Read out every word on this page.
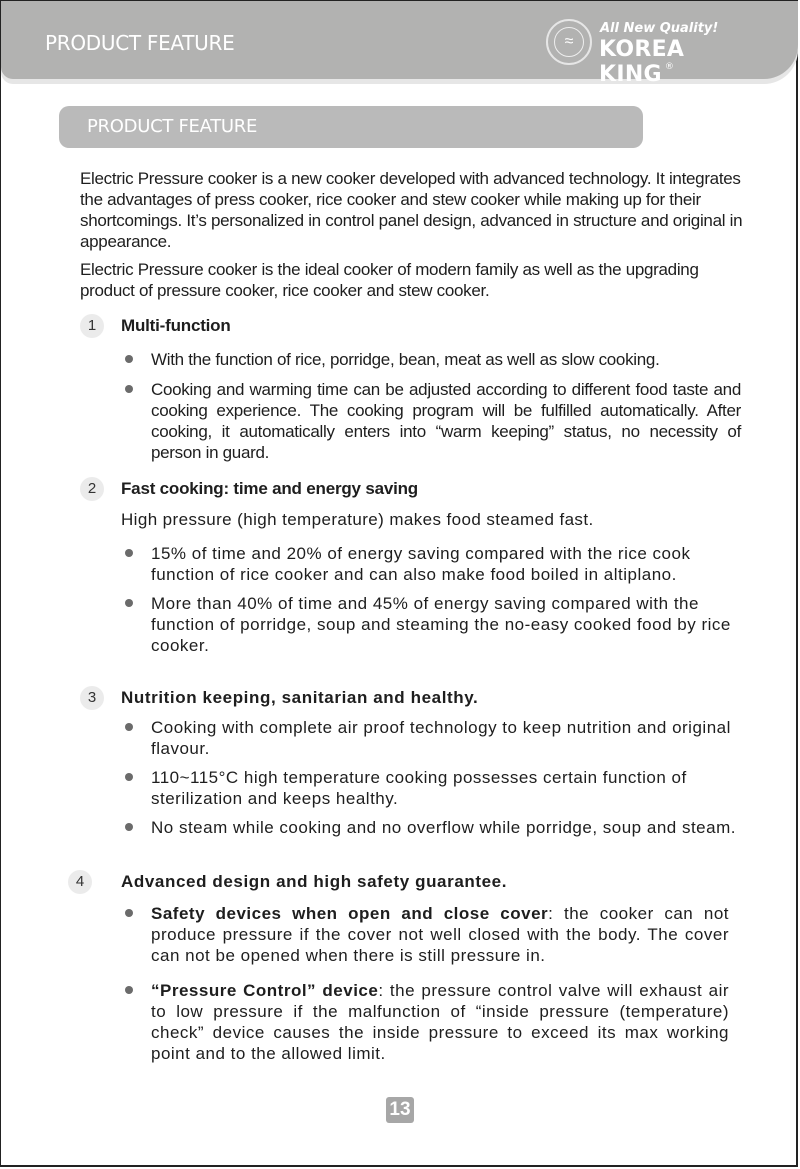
PRODUCT FEATURE	≈
All New Quality!
KOREA KING ®
PRODUCT FEATURE

Electric Pressure cooker is a new cooker developed with advanced technology. It integrates the advantages of press cooker, rice cooker and stew cooker while making up for their shortcomings. It’s personalized in control panel design, advanced in structure and original in appearance.

Electric Pressure cooker is the ideal cooker of modern family as well as the upgrading product of pressure cooker, rice cooker and stew cooker.

1	Multi-function
With the function of rice, porridge, bean, meat as well as slow cooking.
Cooking and warming time can be adjusted according to different food taste and cooking experience. The cooking program will be fulfilled automatically. After cooking, it automatically enters into “warm keeping” status, no necessity of person in guard.
2	Fast cooking: time and energy saving
High pressure (high temperature) makes food steamed fast.
15% of time and 20% of energy saving compared with the rice cook function of rice cooker and can also make food boiled in altiplano.
More than 40% of time and 45% of energy saving compared with the function of porridge, soup and steaming the no-easy cooked food by rice cooker.
3	Nutrition keeping, sanitarian and healthy.
Cooking with complete air proof technology to keep nutrition and original flavour.
110~115°C high temperature cooking possesses certain function of sterilization and keeps healthy.
No steam while cooking and no overflow while porridge, soup and steam.
4	Advanced design and high safety guarantee.
Safety devices when open and close cover: the cooker can not produce pressure if the cover not well closed with the body. The cover can not be opened when there is still pressure in.
“Pressure Control” device: the pressure control valve will exhaust air to low pressure if the malfunction of “inside pressure (temperature) check” device causes the inside pressure to exceed its max working point and to the allowed limit.
13
